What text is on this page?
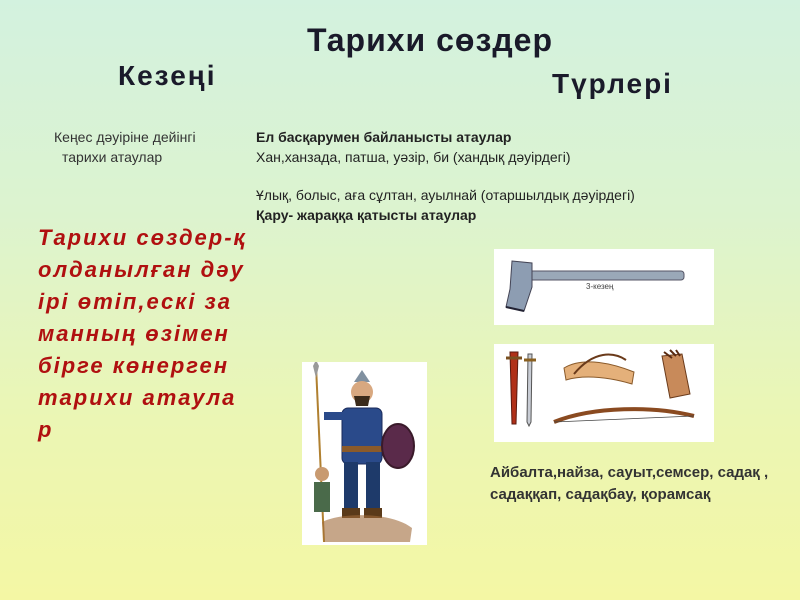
Тарихи сөздер
Кезеңі	Түрлері
Кеңес дәуіріне дейінгі
тарихи атаулар
Ел басқарумен байланысты атаулар
Хан,ханзада, патша, уәзір, би (хандық дәуірдегі)
Ұлық, болыс, аға сұлтан, ауылнай (отаршылдық дәуірдегі)
Қару- жараққа қатысты атаулар
Тарихи сөздер-қолданылған дәуірі өтіп,ескі заманның өзімен бірге көнерген тарихи атаулар
3-кезең
Айбалта,найза, сауыт,семсер, садақ , садаққап, садақбау, қорамсақ
